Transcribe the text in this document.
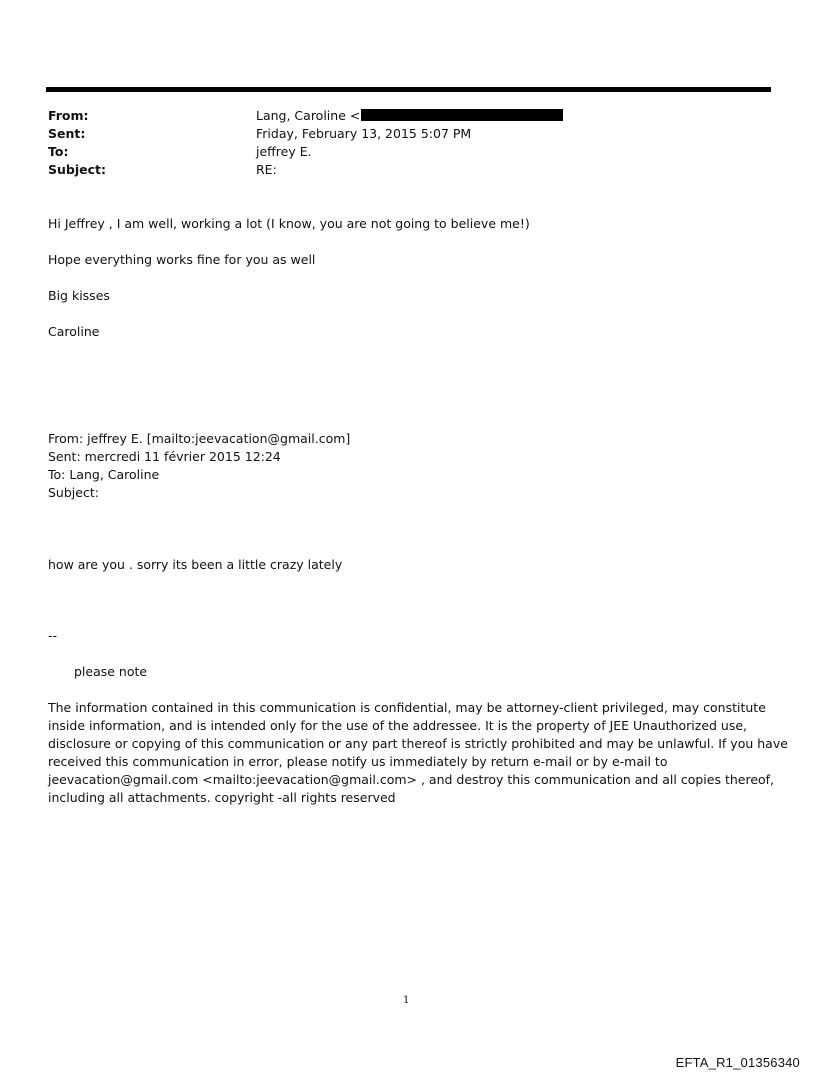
From:	Lang, Caroline <
Sent:	Friday, February 13, 2015 5:07 PM
To:	jeffrey E.
Subject:	RE:
Hi Jeffrey , I am well, working a lot (I know, you are not going to believe me!)
Hope everything works fine for you as well
Big kisses
Caroline
From: jeffrey E. [mailto:jeevacation@gmail.com]
Sent: mercredi 11 février 2015 12:24
To: Lang, Caroline
Subject:
how are you . sorry its been a little crazy lately
--
please note
The information contained in this communication is confidential, may be attorney-client privileged, may constitute
inside information, and is intended only for the use of the addressee. It is the property of JEE Unauthorized use,
disclosure or copying of this communication or any part thereof is strictly prohibited and may be unlawful. If you have
received this communication in error, please notify us immediately by return e-mail or by e-mail to
jeevacation@gmail.com <mailto:jeevacation@gmail.com> , and destroy this communication and all copies thereof,
including all attachments. copyright -all rights reserved
1
EFTA_R1_01356340
